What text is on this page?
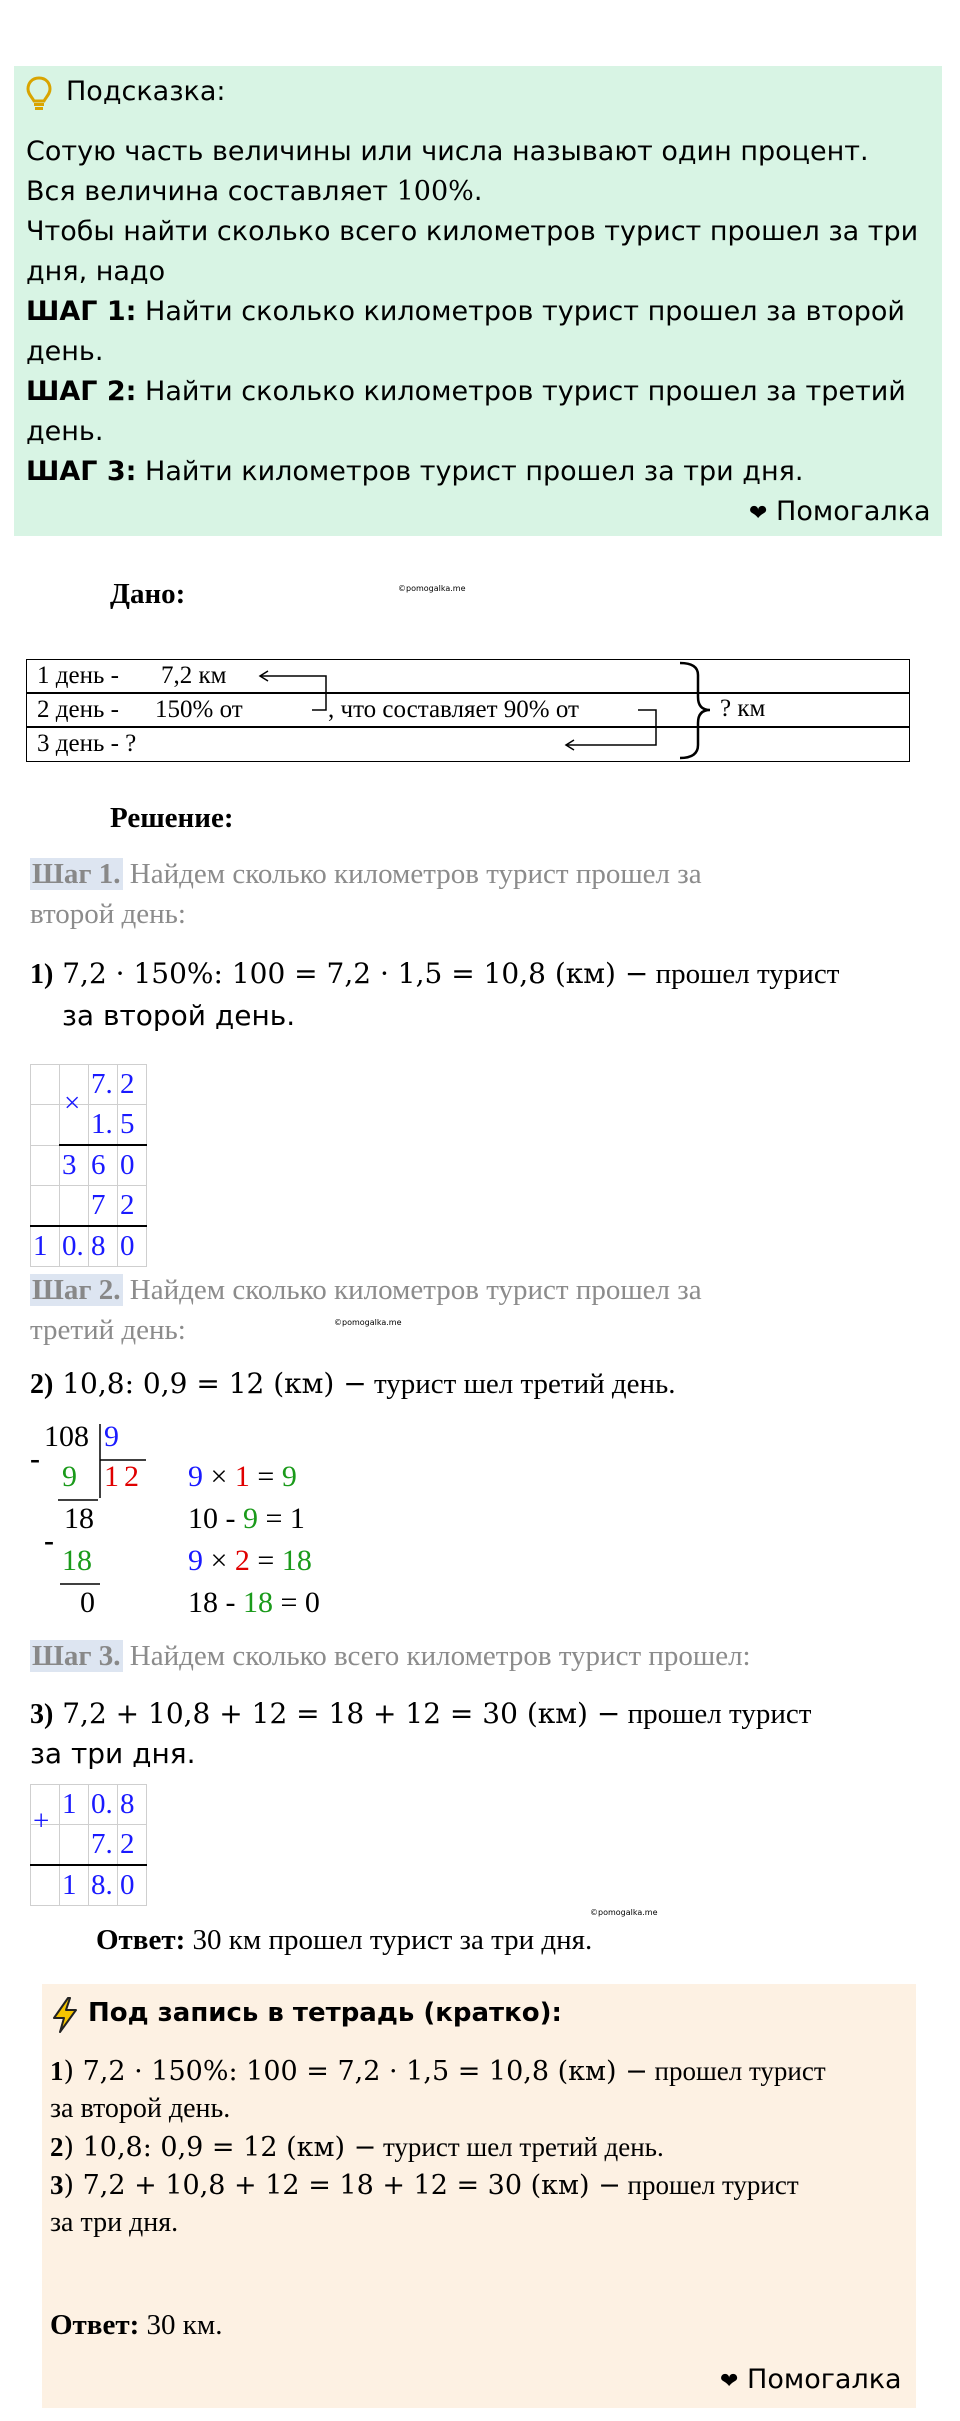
Подсказка:
Сотую часть величины или числа называют один процент.
Вся величина составляет 100%.
Чтобы найти сколько всего километров турист прошел за три
дня, надо
ШАГ 1: Найти сколько километров турист прошел за второй
день.
ШАГ 2: Найти сколько километров турист прошел за третий
день.
ШАГ 3: Найти километров турист прошел за три дня.
❤ Помогалка
Дано:	©pomogalka.me
1 день - 7,2 км
2 день - 150% от	, что составляет 90% от
3 день - ?
? км
Решение:
Шаг 1. Найдем сколько километров турист прошел за
второй день:
1) 7,2 · 150%: 100 = 7,2 · 1,5 = 10,8 (км) − прошел турист
за второй день.
		7.	2

	×	1.	5
	3	6	0
		7	2
1	0.	8	0
Шаг 2. Найдем сколько километров турист прошел за
третий день:	©pomogalka.me
2) 10,8: 0,9 = 12 (км) − турист шел третий день.
108 9
-
9 1 2
18
-
18
0
9 × 1 = 9
10 - 9 = 1
9 × 2 = 18
18 - 18 = 0
Шаг 3. Найдем сколько всего километров турист прошел:
3) 7,2 + 10,8 + 12 = 18 + 12 = 30 (км) − прошел турист
за три дня.
	1	0.	8

+		7.	2
	1	8.	0
©pomogalka.me
Ответ: 30 км прошел турист за три дня.
Под запись в тетрадь (кратко):
1) 7,2 · 150%: 100 = 7,2 · 1,5 = 10,8 (км) − прошел турист
за второй день.
2) 10,8: 0,9 = 12 (км) − турист шел третий день.
3) 7,2 + 10,8 + 12 = 18 + 12 = 30 (км) − прошел турист
за три дня.
Ответ: 30 км.
❤ Помогалка
